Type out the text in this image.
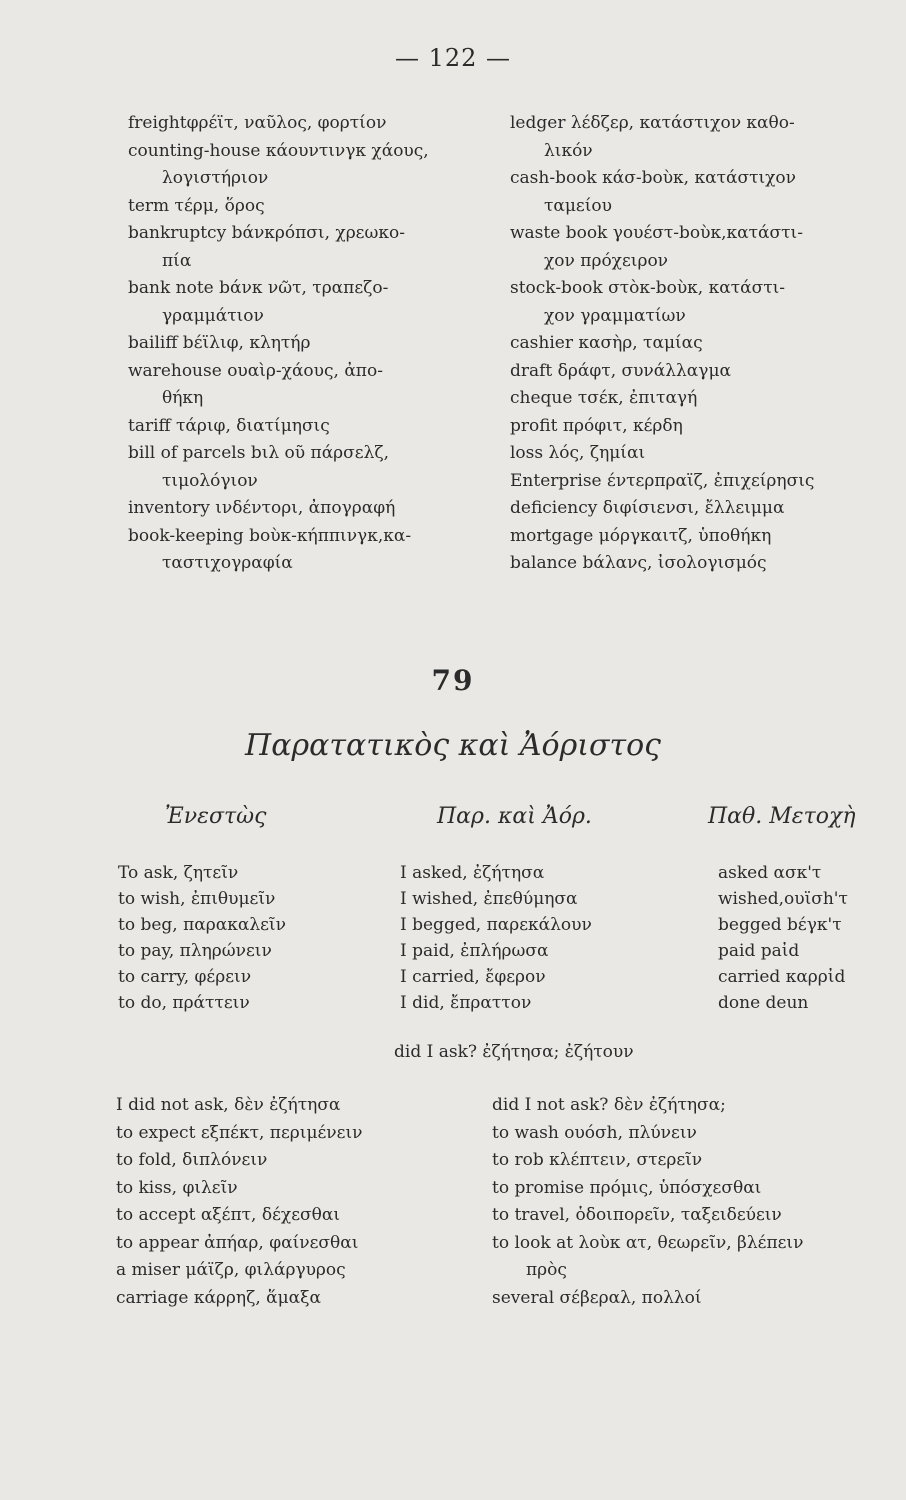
— 122 —
freightφρέϊτ, ναῦλος, φορτίον
counting-house κάουντινγκ χάους,
λογιστήριον
term τέρμ, ὅρος
bankruptcy bάνκρόπσι, χρεωκο-
πία
bank note bάνκ νῶτ, τραπεζο-
γραμμάτιον
bailiff bέϊλιφ, κλητήρ
warehouse ουαὶρ-χάους, ἀπο-
θήκη
tariff τάριφ, διατίμησις
bill of parcels bιλ οῦ πάρσελζ,
τιμολόγιον
inventory ινδέντορι, ἀπογραφή
book-keeping bοὺκ-κήππινγκ,κα-
ταστιχογραφία
ledger λέδζερ, κατάστιχον καθο-
λικόν
cash-book κάσ-bοὺκ, κατάστιχον
ταμείου
waste book γουέστ-bοὺκ,κατάστι-
χον πρόχειρον
stock-book στὸκ-bοὺκ, κατάστι-
χον γραμματίων
cashier κασὴρ, ταμίας
draft δράφτ, συνάλλαγμα
cheque τσέκ, ἐπιταγή
profit πρόφιτ, κέρδη
loss λός, ζημίαι
Enterprise έντερπραϊζ, ἐπιχείρησις
deficiency διφίσιενσι, ἔλλειμμα
mortgage μόργκαιτζ, ὑποθήκη
balance bάλανς, ἰσολογισμός
79
Παρατατικὸς καὶ Ἀόριστος
Ἐνεστὼς	Παρ. καὶ Ἀόρ.	Παθ. Μετοχὴ
To ask, ζητεῖν	I asked, ἐζήτησα	asked ασκ'τ
to wish, ἐπιθυμεῖν	I wished, ἐπεθύμησα	wished,ουϊσh'τ
to beg, παρακαλεῖν	I begged, παρεκάλουν	begged bέγκ'τ
to pay, πληρώνειν	I paid, ἐπλήρωσα	paid paἰd
to carry, φέρειν	I carried, ἔφερον	carried καρρἰd
to do, πράττειν	I did, ἔπραττον	done deun
did I ask? ἐζήτησα; ἐζήτουν
I did not ask, δὲν ἐζήτησα
to expect εξπέκτ, περιμένειν
to fold, διπλόνειν
to kiss, φιλεῖν
to accept αξέπτ, δέχεσθαι
to appear ἀπήαρ, φαίνεσθαι
a miser μάϊζρ, φιλάργυρος
carriage κάρρηζ, ἅμαξα
did I not ask? δὲν ἐζήτησα;
to wash ουόσh, πλύνειν
to rob κλέπτειν, στερεῖν
to promise πρόμις, ὑπόσχεσθαι
to travel, ὁδοιπορεῖν, ταξειδεύειν
to look at λοὺκ ατ, θεωρεῖν, βλέπειν
πρὸς
several σέβεραλ, πολλοί
